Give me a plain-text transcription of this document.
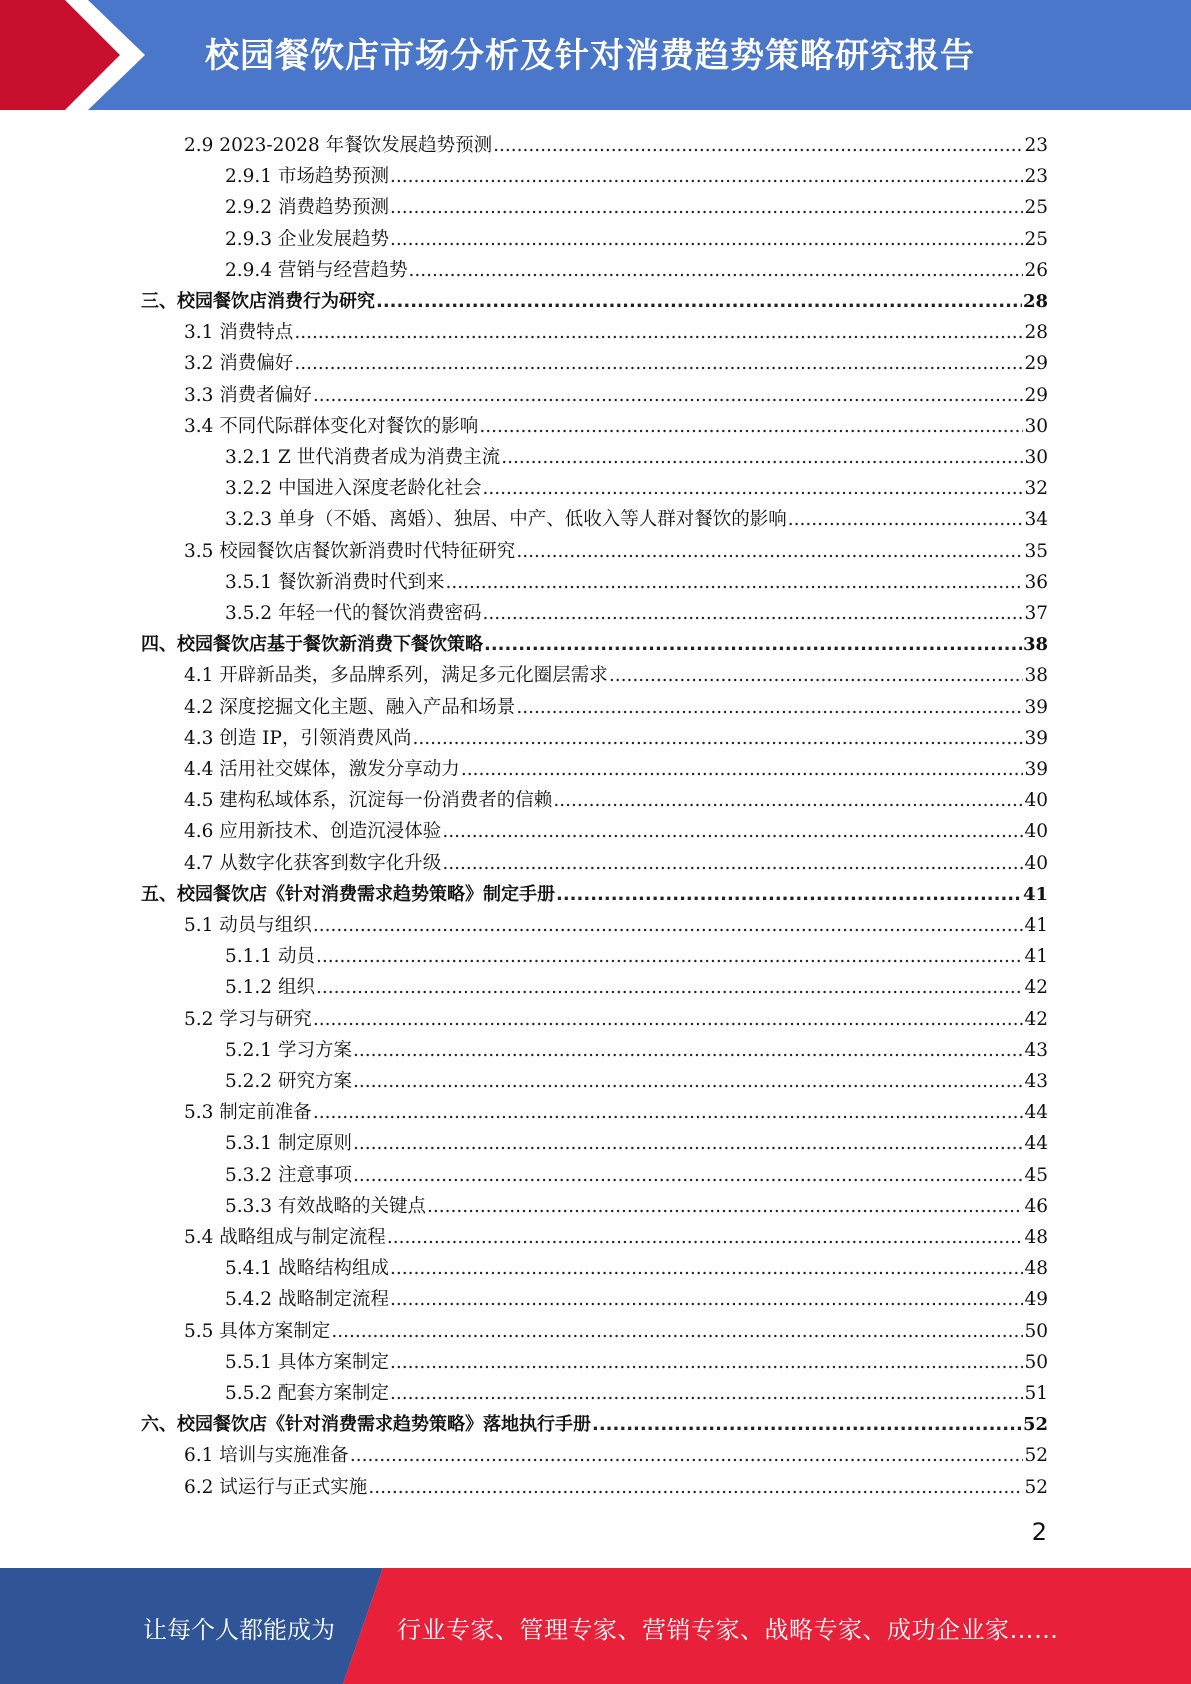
校园餐饮店市场分析及针对消费趋势策略研究报告
2.9 2023-2028 年餐饮发展趋势预测 .....	23
2.9.1 市场趋势预测 .....	23
2.9.2 消费趋势预测 .....	25
2.9.3 企业发展趋势 .....	25
2.9.4 营销与经营趋势 .....	26
三、校园餐饮店消费行为研究 .....	28
3.1 消费特点 .....	28
3.2 消费偏好 .....	29
3.3 消费者偏好 .....	29
3.4 不同代际群体变化对餐饮的影响 .....	30
3.2.1 Z 世代消费者成为消费主流 .....	30
3.2.2 中国进入深度老龄化社会 .....	32
3.2.3 单身（不婚、离婚）、独居、中产、低收入等人群对餐饮的影响 .....	34
3.5 校园餐饮店餐饮新消费时代特征研究 .....	35
3.5.1 餐饮新消费时代到来 .....	36
3.5.2 年轻一代的餐饮消费密码 .....	37
四、校园餐饮店基于餐饮新消费下餐饮策略 .....	38
4.1 开辟新品类，多品牌系列，满足多元化圈层需求 .....	38
4.2 深度挖掘文化主题、融入产品和场景 .....	39
4.3 创造 IP，引领消费风尚 .....	39
4.4 活用社交媒体，激发分享动力 .....	39
4.5 建构私域体系，沉淀每一份消费者的信赖 .....	40
4.6 应用新技术、创造沉浸体验 .....	40
4.7 从数字化获客到数字化升级 .....	40
五、校园餐饮店《针对消费需求趋势策略》制定手册 .....	41
5.1 动员与组织 .....	41
5.1.1 动员 .....	41
5.1.2 组织 .....	42
5.2 学习与研究 .....	42
5.2.1 学习方案 .....	43
5.2.2 研究方案 .....	43
5.3 制定前准备 .....	44
5.3.1 制定原则 .....	44
5.3.2 注意事项 .....	45
5.3.3 有效战略的关键点 .....	46
5.4 战略组成与制定流程 .....	48
5.4.1 战略结构组成 .....	48
5.4.2 战略制定流程 .....	49
5.5 具体方案制定 .....	50
5.5.1 具体方案制定 .....	50
5.5.2 配套方案制定 .....	51
六、校园餐饮店《针对消费需求趋势策略》落地执行手册 .....	52
6.1 培训与实施准备 .....	52
6.2 试运行与正式实施 .....	52
2
让每个人都能成为	行业专家、管理专家、营销专家、战略专家、成功企业家……
